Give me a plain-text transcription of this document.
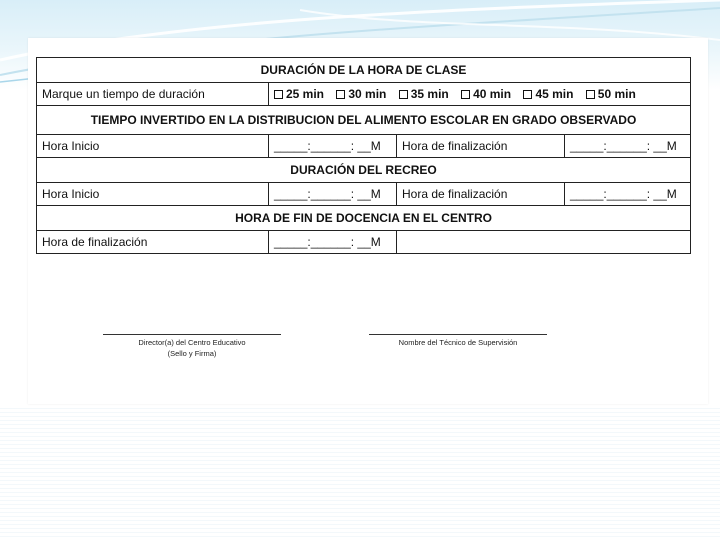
DURACIÓN DE LA HORA DE CLASE			
Marque un tiempo de duración	25 min 30 min 35 min 40 min 45 min 50 min		
TIEMPO INVERTIDO EN LA DISTRIBUCION DEL ALIMENTO ESCOLAR EN GRADO OBSERVADO			
Hora Inicio	_____:______: __M	Hora de finalización	_____:______: __M
DURACIÓN DEL RECREO			
Hora Inicio	_____:______: __M	Hora de finalización	_____:______: __M
HORA DE FIN DE DOCENCIA EN EL CENTRO			
Hora de finalización	_____:______: __M		
Director(a) del Centro Educativo
(Sello y Firma)
Nombre del Técnico de Supervisión
